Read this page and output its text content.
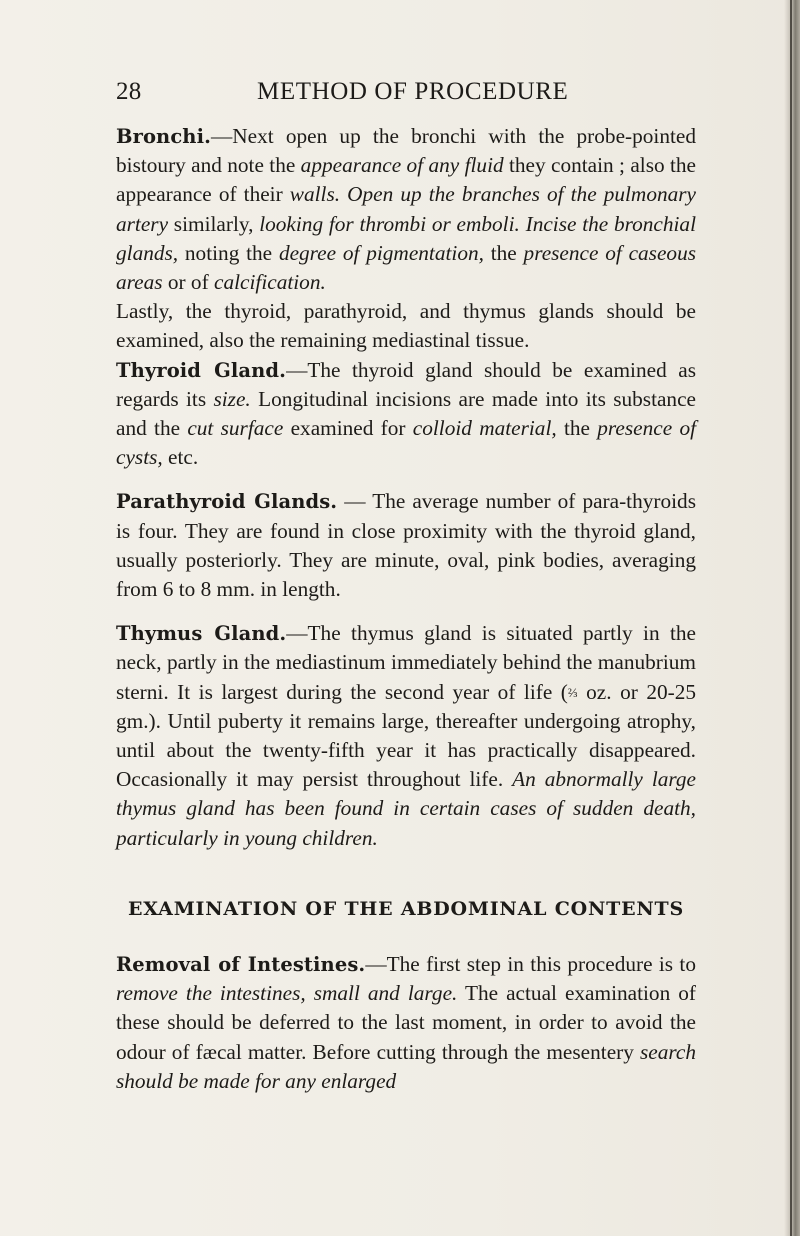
28	METHOD OF PROCEDURE

Bronchi.—Next open up the bronchi with the probe-pointed bistoury and note the appearance of any fluid they contain ; also the appearance of their walls. Open up the branches of the pulmonary artery similarly, looking for thrombi or emboli. Incise the bronchial glands, noting the degree of pigmentation, the presence of caseous areas or of calcification.

Lastly, the thyroid, parathyroid, and thymus glands should be examined, also the remaining mediastinal tissue.

Thyroid Gland.—The thyroid gland should be examined as regards its size. Longitudinal incisions are made into its substance and the cut surface examined for colloid material, the presence of cysts, etc.

Parathyroid Glands. — The average number of para-thyroids is four. They are found in close proximity with the thyroid gland, usually posteriorly. They are minute, oval, pink bodies, averaging from 6 to 8 mm. in length.

Thymus Gland.—The thymus gland is situated partly in the neck, partly in the mediastinum immediately behind the manubrium sterni. It is largest during the second year of life (⅔ oz. or 20-25 gm.). Until puberty it remains large, thereafter undergoing atrophy, until about the twenty-fifth year it has practically disappeared. Occasionally it may persist throughout life. An abnormally large thymus gland has been found in certain cases of sudden death, particularly in young children.

EXAMINATION OF THE ABDOMINAL CONTENTS

Removal of Intestines.—The first step in this procedure is to remove the intestines, small and large. The actual examination of these should be deferred to the last moment, in order to avoid the odour of fæcal matter. Before cutting through the mesentery search should be made for any enlarged
